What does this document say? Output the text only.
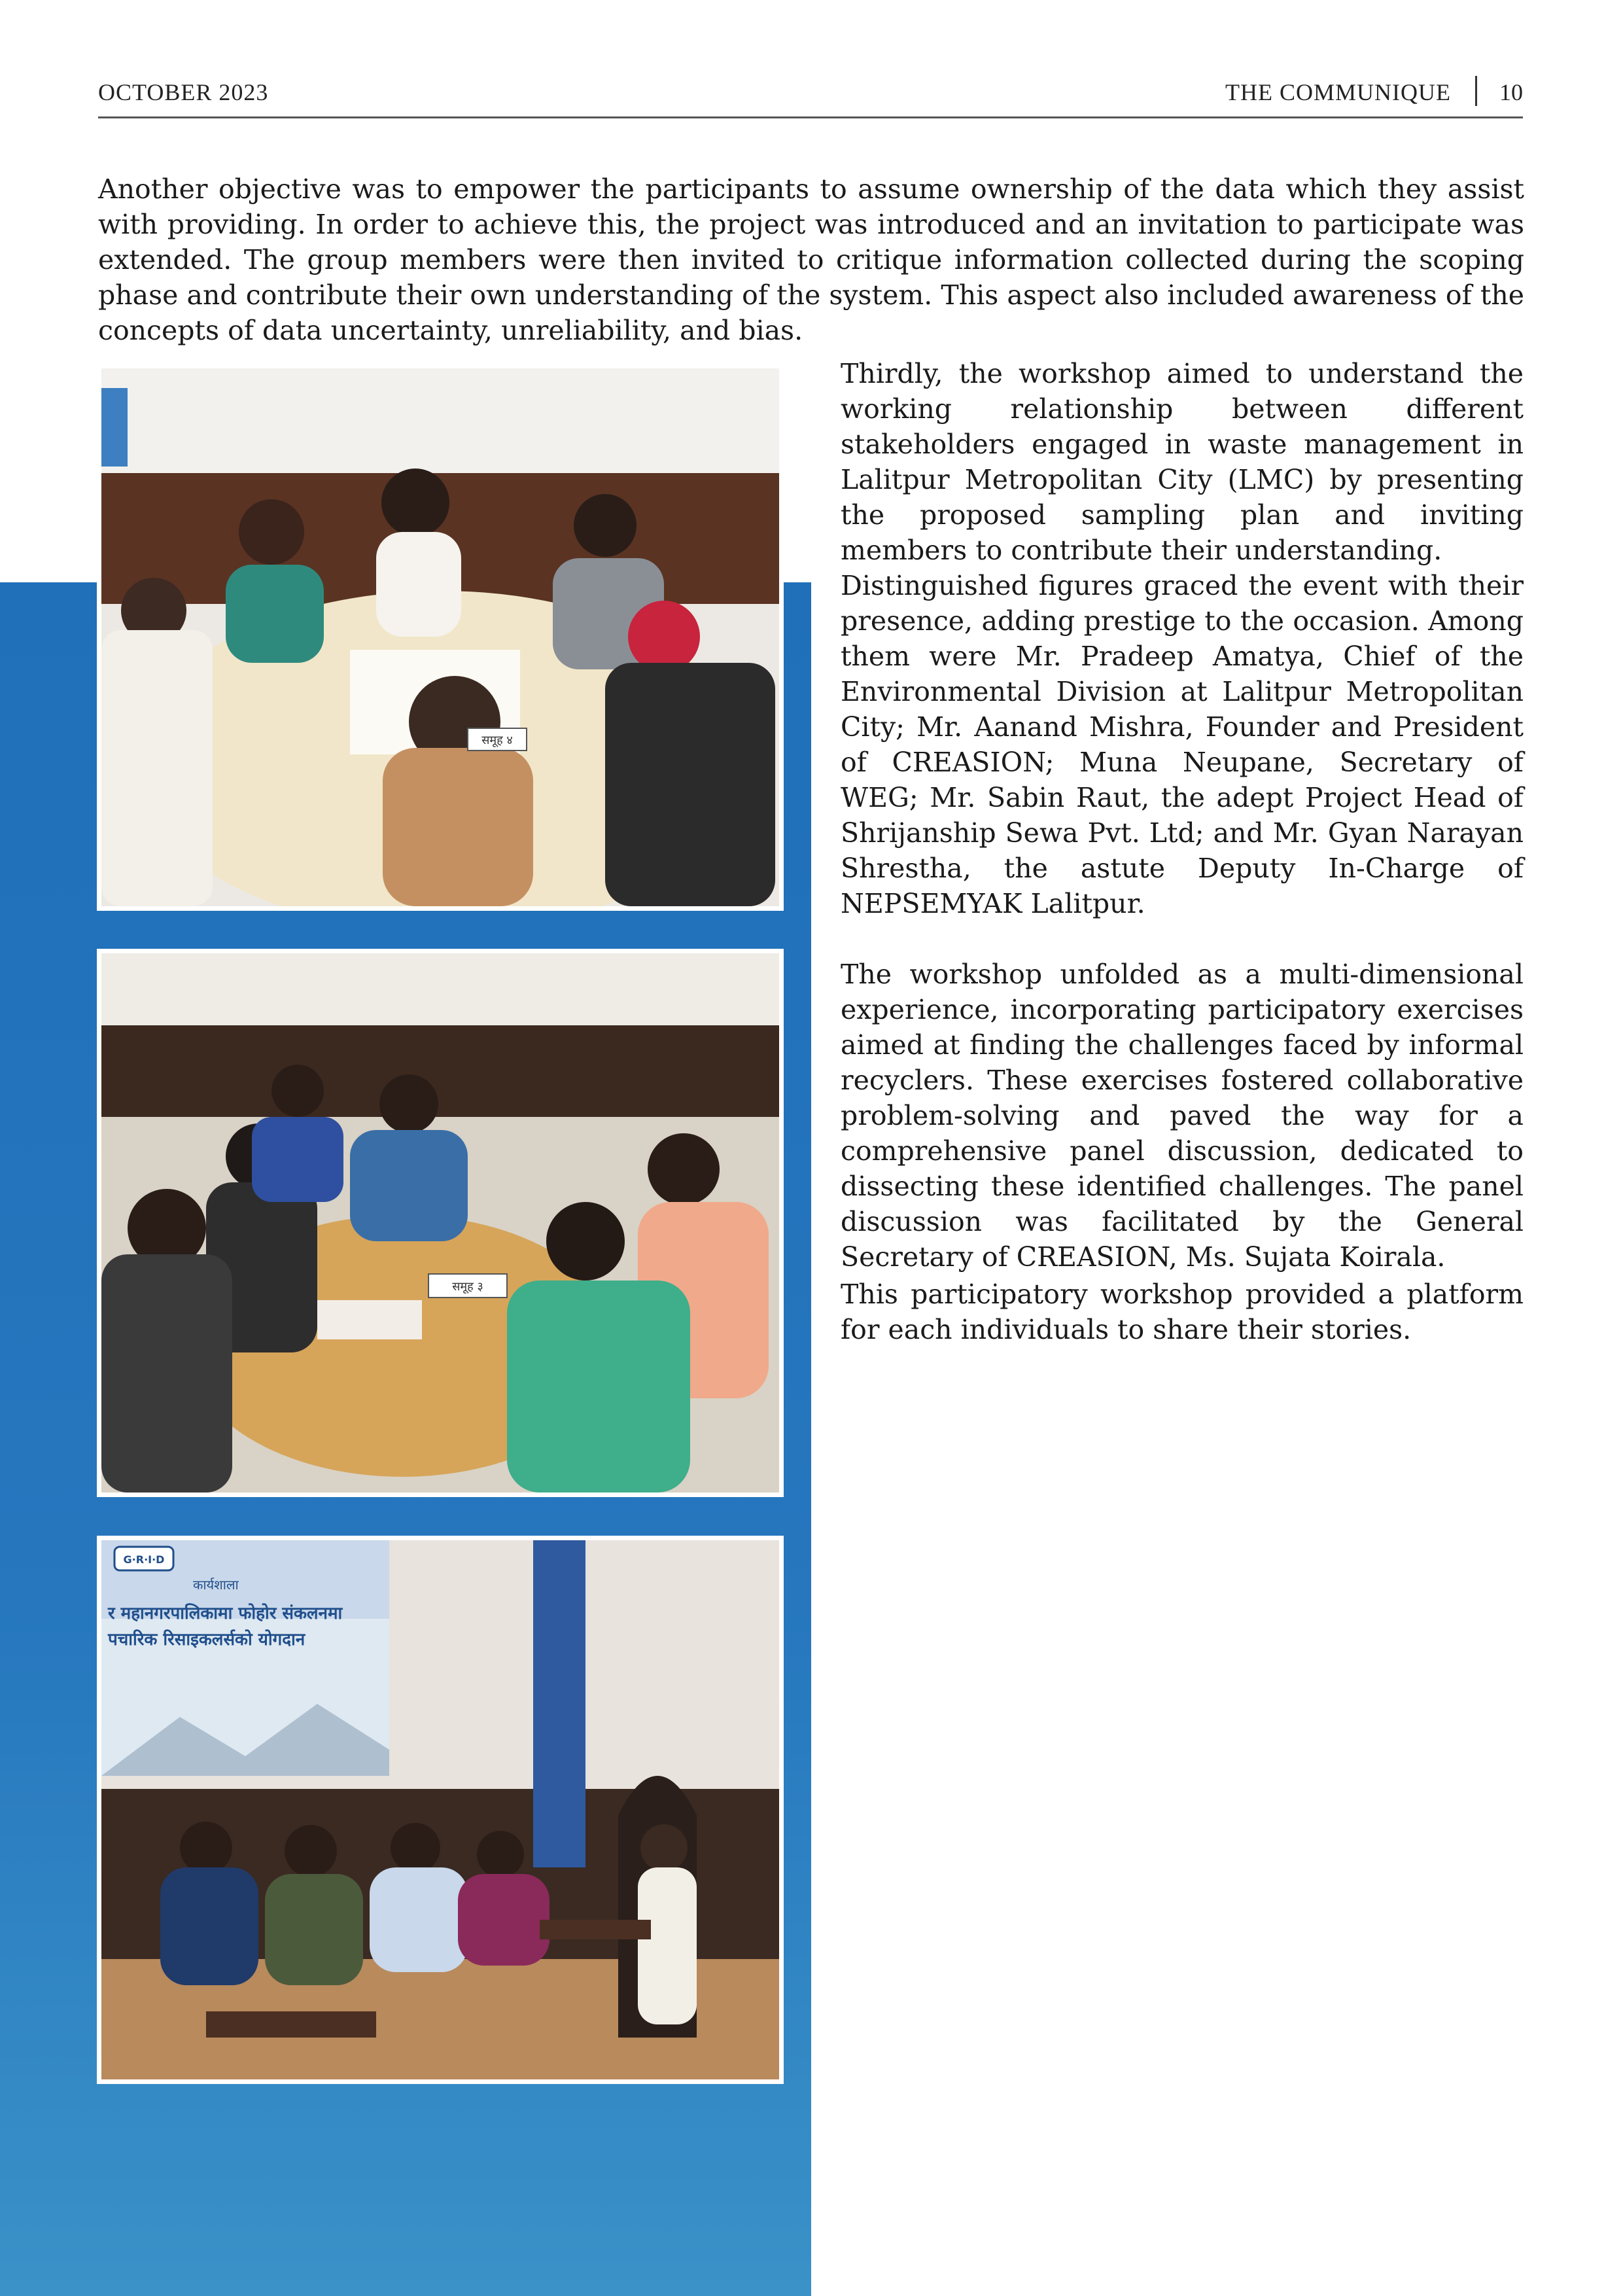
OCTOBER 2023	THE COMMUNIQUE 10

Another objective was to empower the participants to assume ownership of the data which they assist with providing. In order to achieve this, the project was introduced and an invitation to participate was extended. The group members were then invited to critique information collected during the scoping phase and contribute their own understanding of the system. This aspect also included awareness of the concepts of data uncertainty, unreliability, and bias.

समूह ४
समूह ३
G·R·I·D
कार्यशाला
र महानगरपालिकामा फोहोर संकलनमा
पचारिक रिसाइकलर्सको योगदान

Thirdly, the workshop aimed to understand the working relationship between different stakeholders engaged in waste management in Lalitpur Metropolitan City (LMC) by presenting the proposed sampling plan and inviting members to contribute their understanding.

Distinguished figures graced the event with their presence, adding prestige to the occasion. Among them were Mr. Pradeep Amatya, Chief of the Environmental Division at Lalitpur Metropolitan City; Mr. Aanand Mishra, Founder and President of CREASION; Muna Neupane, Secretary of WEG; Mr. Sabin Raut, the adept Project Head of Shrijanship Sewa Pvt. Ltd; and Mr. Gyan Narayan Shrestha, the astute Deputy In-Charge of NEPSEMYAK Lalitpur.

The workshop unfolded as a multi-dimensional experience, incorporating participatory exercises aimed at finding the challenges faced by informal recyclers. These exercises fostered collaborative problem-solving and paved the way for a comprehensive panel discussion, dedicated to dissecting these identified challenges. The panel discussion was facilitated by the General Secretary of CREASION, Ms. Sujata Koirala.

This participatory workshop provided a platform for each individuals to share their stories.
